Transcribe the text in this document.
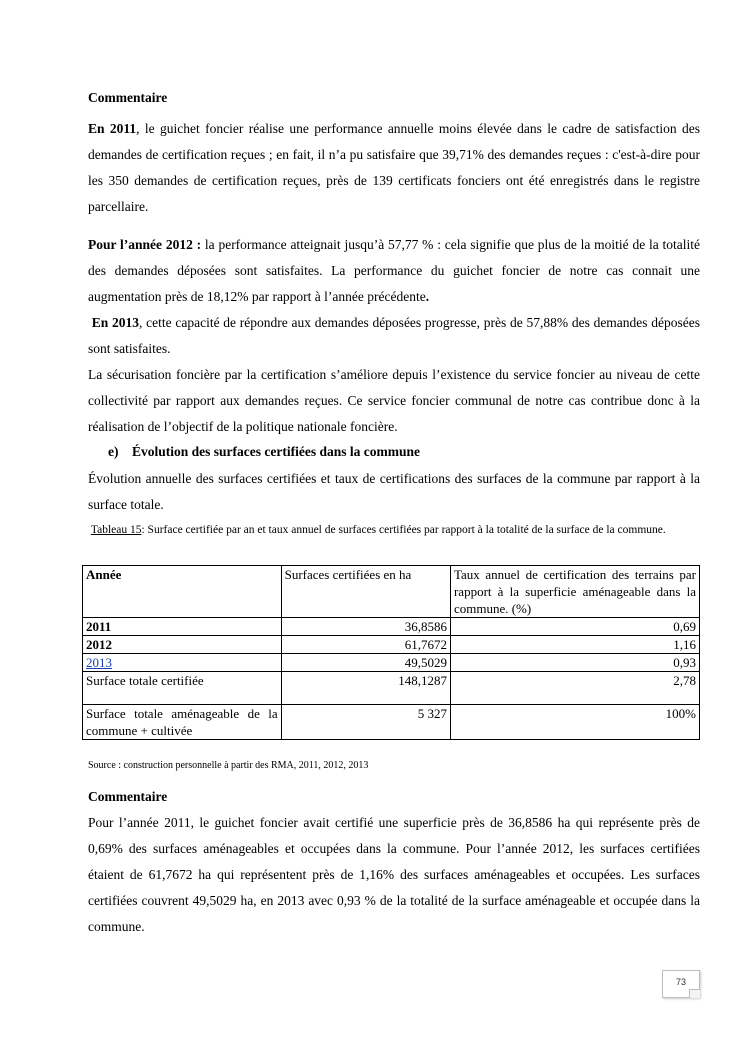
Commentaire

En 2011, le guichet foncier réalise une performance annuelle moins élevée dans le cadre de satisfaction des demandes de certification reçues ; en fait, il n’a pu satisfaire que 39,71% des demandes reçues : c'est-à-dire pour les 350 demandes de certification reçues, près de 139 certificats fonciers ont été enregistrés dans le registre parcellaire.

Pour l’année 2012 : la performance atteignait jusqu’à 57,77 % : cela signifie que plus de la moitié de la totalité des demandes déposées sont satisfaites. La performance du guichet foncier de notre cas connait une augmentation près de 18,12% par rapport à l’année précédente.

En 2013, cette capacité de répondre aux demandes déposées progresse, près de 57,88% des demandes déposées sont satisfaites.

La sécurisation foncière par la certification s’améliore depuis l’existence du service foncier au niveau de cette collectivité par rapport aux demandes reçues. Ce service foncier communal de notre cas contribue donc à la réalisation de l’objectif de la politique nationale foncière.

e) Évolution des surfaces certifiées dans la commune

Évolution annuelle des surfaces certifiées et taux de certifications des surfaces de la commune par rapport à la surface totale.

Tableau 15: Surface certifiée par an et taux annuel de surfaces certifiées par rapport à la totalité de la surface de la commune.

Année	Surfaces certifiées en ha	Taux annuel de certification des terrains par rapport à la superficie aménageable dans la commune. (%)
2011	36,8586	0,69
2012	61,7672	1,16
2013	49,5029	0,93
Surface totale certifiée	148,1287	2,78
Surface totale aménageable de la commune + cultivée	5 327	100%

Source : construction personnelle à partir des RMA, 2011, 2012, 2013

Commentaire

Pour l’année 2011, le guichet foncier avait certifié une superficie près de 36,8586 ha qui représente près de 0,69% des surfaces aménageables et occupées dans la commune. Pour l’année 2012, les surfaces certifiées étaient de 61,7672 ha qui représentent près de 1,16% des surfaces aménageables et occupées. Les surfaces certifiées couvrent 49,5029 ha, en 2013 avec 0,93 % de la totalité de la surface aménageable et occupée dans la commune.

73
